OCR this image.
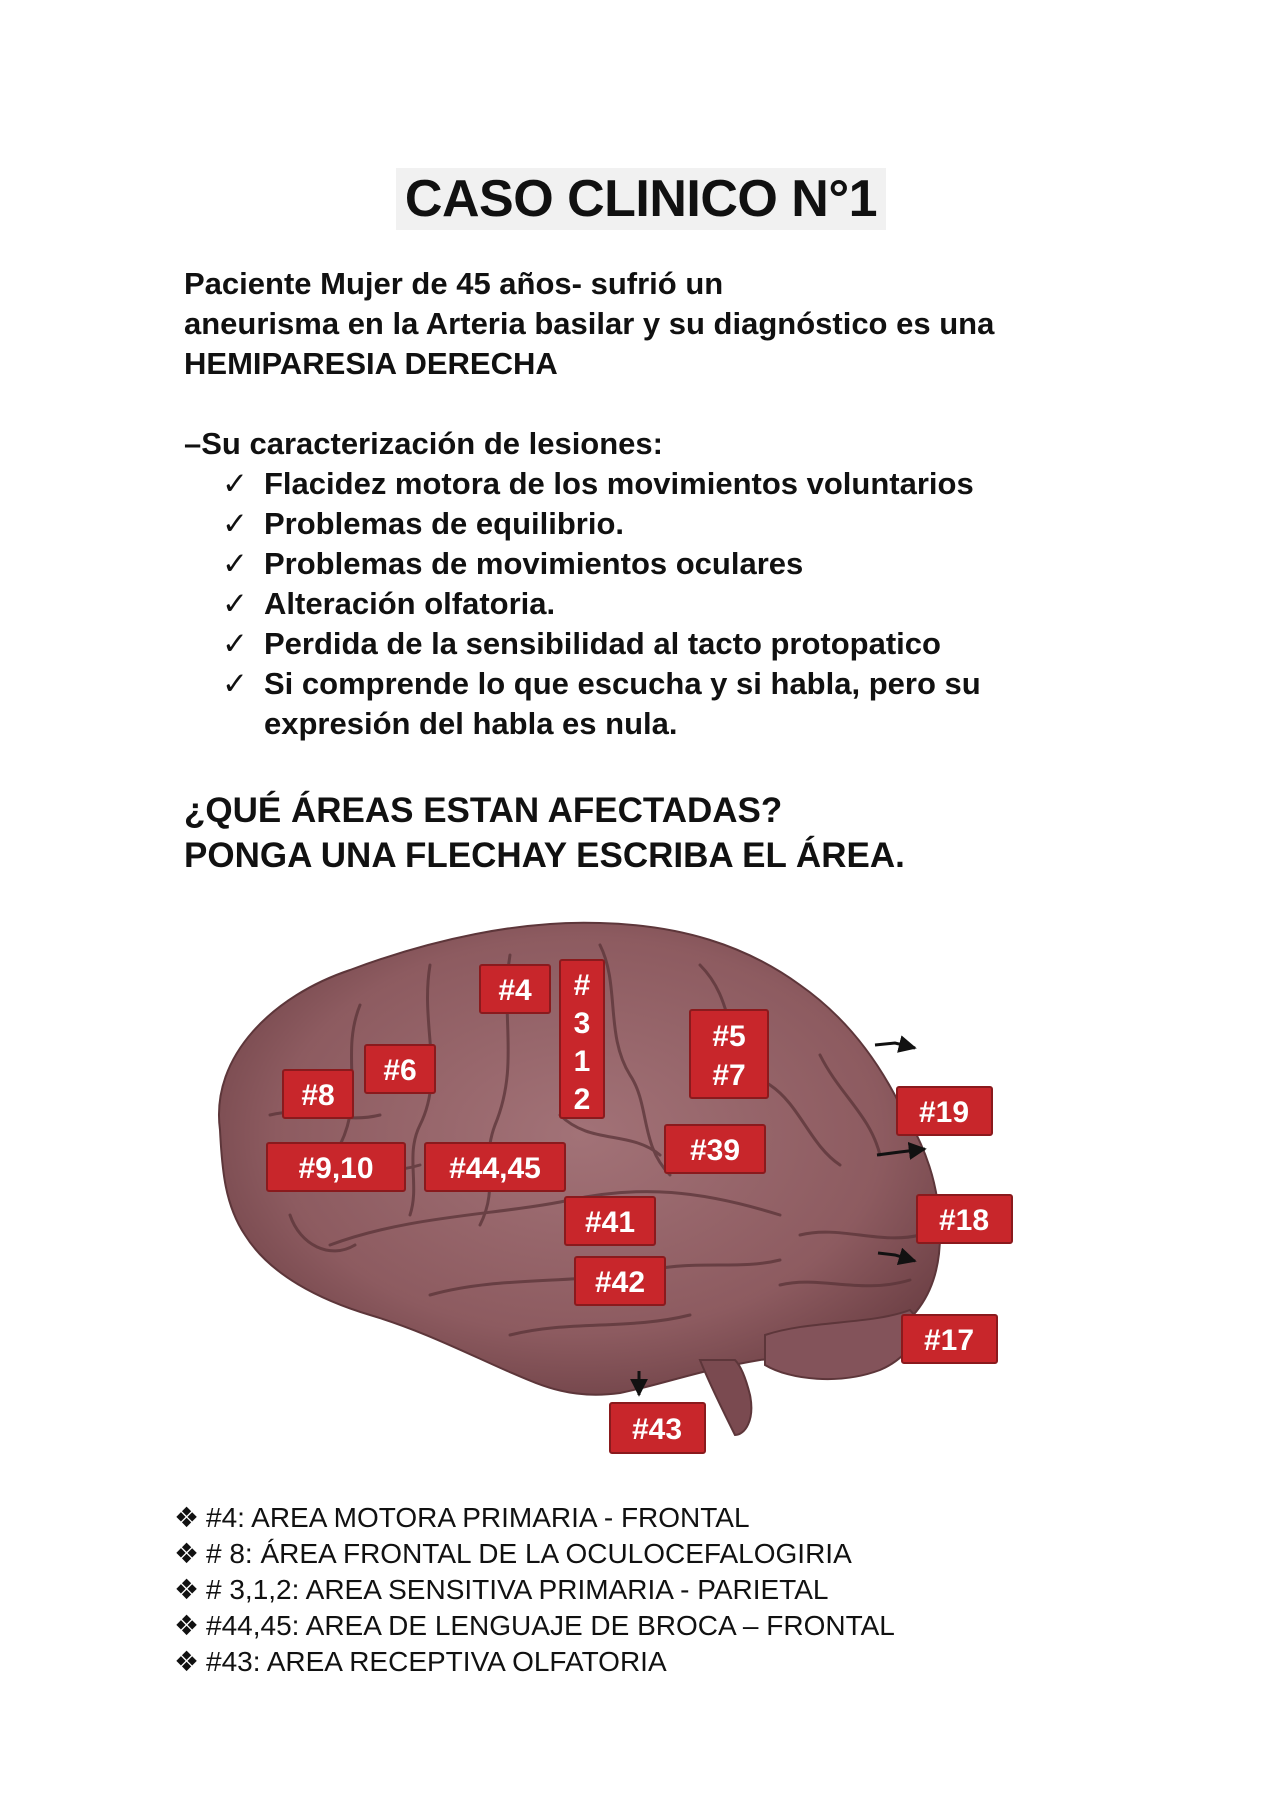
CASO CLINICO N°1

Paciente Mujer de 45 años- sufrió un

aneurisma en la Arteria basilar y su diagnóstico es una

HEMIPARESIA DERECHA

–Su caracterización de lesiones:
✓ Flacidez motora de los movimientos voluntarios
✓ Problemas de equilibrio.
✓ Problemas de movimientos oculares
✓ Alteración olfatoria.
✓ Perdida de la sensibilidad al tacto protopatico
✓ Si comprende lo que escucha y si habla, pero su expresión del habla es nula.
¿QUÉ ÁREAS ESTAN AFECTADAS?
PONGA UNA FLECHAY ESCRIBA EL ÁREA.
#4 #
3
1
2
#5
#7
#6
#8
#19
#9,10	#44,45
#39
#41	#18
#42
#17
#43
❖ #4: AREA MOTORA PRIMARIA - FRONTAL
❖ # 8: ÁREA FRONTAL DE LA OCULOCEFALOGIRIA
❖ # 3,1,2: AREA SENSITIVA PRIMARIA - PARIETAL
❖ #44,45: AREA DE LENGUAJE DE BROCA – FRONTAL
❖ #43: AREA RECEPTIVA OLFATORIA
